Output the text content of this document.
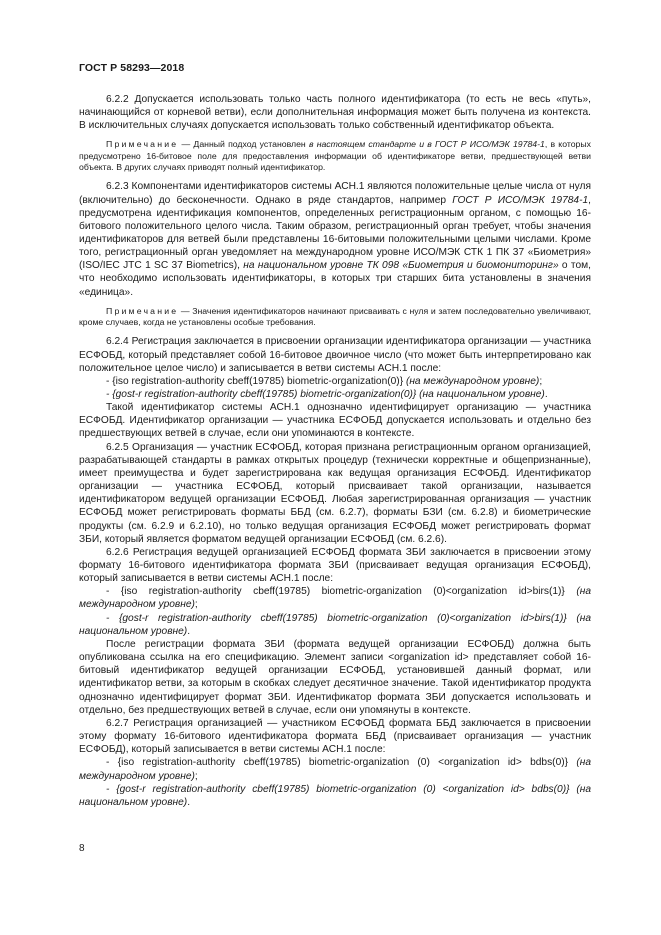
ГОСТ Р 58293—2018

6.2.2 Допускается использовать только часть полного идентификатора (то есть не весь «путь», начинающийся от корневой ветви), если дополнительная информация может быть получена из контекста. В исключительных случаях допускается использовать только собственный идентификатор объекта.

Примечание — Данный подход установлен в настоящем стандарте и в ГОСТ Р ИСО/МЭК 19784-1, в которых предусмотрено 16-битовое поле для предоставления информации об идентификаторе ветви, предшествующей ветви объекта. В других случаях приводят полный идентификатор.

6.2.3 Компонентами идентификаторов системы АСН.1 являются положительные целые числа от нуля (включительно) до бесконечности. Однако в ряде стандартов, например ГОСТ Р ИСО/МЭК 19784-1, предусмотрена идентификация компонентов, определенных регистрационным органом, с помощью 16-битового положительного целого числа. Таким образом, регистрационный орган требует, чтобы значения идентификаторов для ветвей были представлены 16-битовыми положительными целыми числами. Кроме того, регистрационный орган уведомляет на международном уровне ИСО/МЭК СТК 1 ПК 37 «Биометрия» (ISO/IEC JTC 1 SC 37 Biometrics), на национальном уровне ТК 098 «Биометрия и биомониторинг» о том, что необходимо использовать идентификаторы, в которых три старших бита установлены в значения «единица».

Примечание — Значения идентификаторов начинают присваивать с нуля и затем последовательно увеличивают, кроме случаев, когда не установлены особые требования.

6.2.4 Регистрация заключается в присвоении организации идентификатора организации — участника ЕСФОБД, который представляет собой 16-битовое двоичное число (что может быть интерпретировано как положительное целое число) и записывается в ветви системы АСН.1 после:

- {iso registration-authority cbeff(19785) biometric-organization(0)} (на международном уровне);

- {gost-r registration-authority cbeff(19785) biometric-organization(0)} (на национальном уровне).

Такой идентификатор системы АСН.1 однозначно идентифицирует организацию — участника ЕСФОБД. Идентификатор организации — участника ЕСФОБД допускается использовать и отдельно без предшествующих ветвей в случае, если они упоминаются в контексте.

6.2.5 Организация — участник ЕСФОБД, которая признана регистрационным органом организацией, разрабатывающей стандарты в рамках открытых процедур (технически корректные и общепризнанные), имеет преимущества и будет зарегистрирована как ведущая организация ЕСФОБД. Идентификатор организации — участника ЕСФОБД, который присваивает такой организации, называется идентификатором ведущей организации ЕСФОБД. Любая зарегистрированная организация — участник ЕСФОБД может регистрировать форматы ББД (см. 6.2.7), форматы БЗИ (см. 6.2.8) и биометрические продукты (см. 6.2.9 и 6.2.10), но только ведущая организация ЕСФОБД может регистрировать формат ЗБИ, который является форматом ведущей организации ЕСФОБД (см. 6.2.6).

6.2.6 Регистрация ведущей организацией ЕСФОБД формата ЗБИ заключается в присвоении этому формату 16-битового идентификатора формата ЗБИ (присваивает ведущая организация ЕСФОБД), который записывается в ветви системы АСН.1 после:

- {iso registration-authority cbeff(19785) biometric-organization (0)<organization id>birs(1)} (на международном уровне);

- {gost-r registration-authority cbeff(19785) biometric-organization (0)<organization id>birs(1)} (на национальном уровне).

После регистрации формата ЗБИ (формата ведущей организации ЕСФОБД) должна быть опубликована ссылка на его спецификацию. Элемент записи <organization id> представляет собой 16-битовый идентификатор ведущей организации ЕСФОБД, установившей данный формат, или идентификатор ветви, за которым в скобках следует десятичное значение. Такой идентификатор продукта однозначно идентифицирует формат ЗБИ. Идентификатор формата ЗБИ допускается использовать и отдельно, без предшествующих ветвей в случае, если они упомянуты в контексте.

6.2.7 Регистрация организацией — участником ЕСФОБД формата ББД заключается в присвоении этому формату 16-битового идентификатора формата ББД (присваивает организация — участник ЕСФОБД), который записывается в ветви системы АСН.1 после:

- {iso registration-authority cbeff(19785) biometric-organization (0) <organization id> bdbs(0)} (на международном уровне);

- {gost-r registration-authority cbeff(19785) biometric-organization (0) <organization id> bdbs(0)} (на национальном уровне).

8
